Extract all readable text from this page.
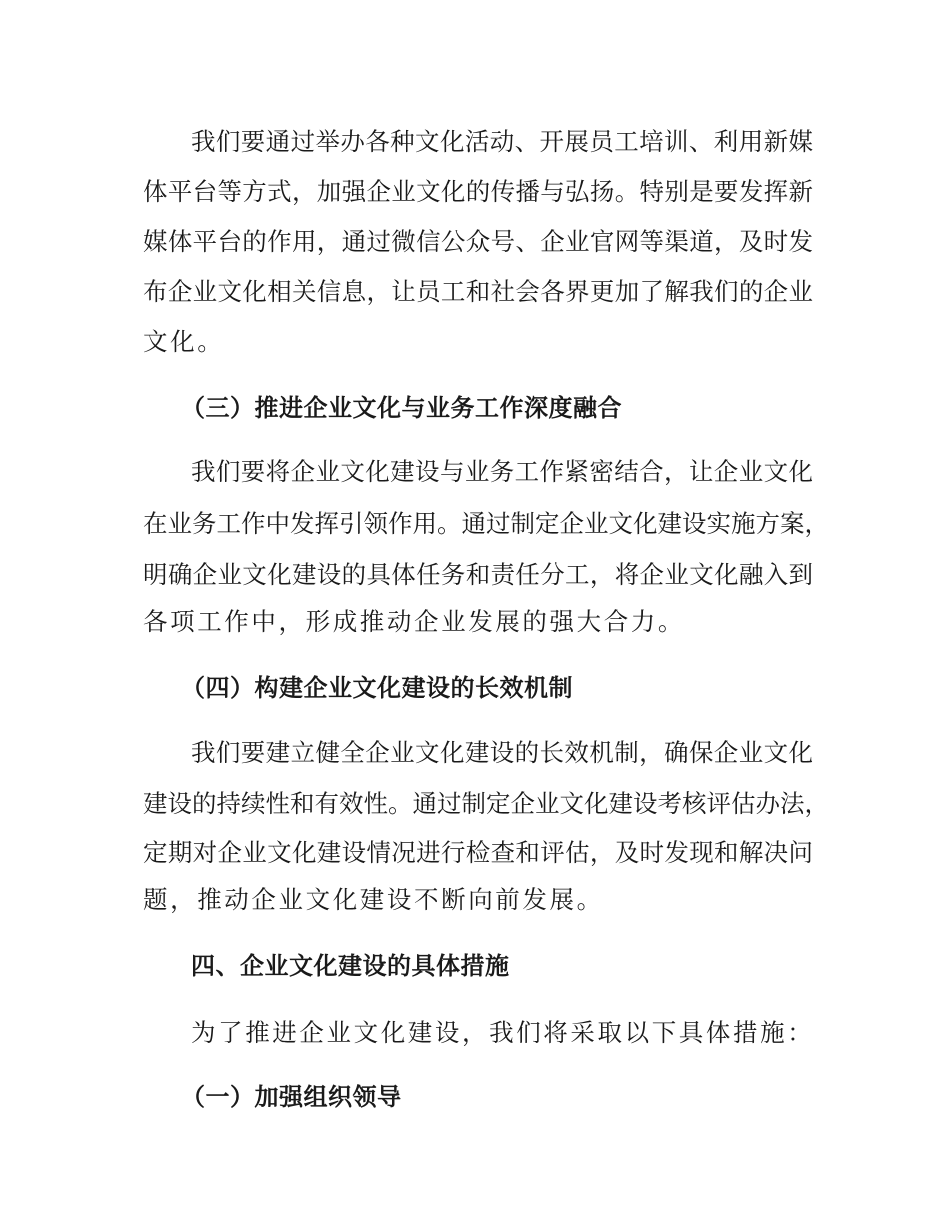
我们要通过举办各种文化活动、开展员工培训、利用新媒
体平台等方式，加强企业文化的传播与弘扬。特别是要发挥新
媒体平台的作用，通过微信公众号、企业官网等渠道，及时发
布企业文化相关信息，让员工和社会各界更加了解我们的企业
文化。
（三）推进企业文化与业务工作深度融合
我们要将企业文化建设与业务工作紧密结合，让企业文化
在业务工作中发挥引领作用。通过制定企业文化建设实施方案，
明确企业文化建设的具体任务和责任分工，将企业文化融入到
各项工作中，形成推动企业发展的强大合力。
（四）构建企业文化建设的长效机制
我们要建立健全企业文化建设的长效机制，确保企业文化
建设的持续性和有效性。通过制定企业文化建设考核评估办法，
定期对企业文化建设情况进行检查和评估，及时发现和解决问
题，推动企业文化建设不断向前发展。
四、企业文化建设的具体措施
为了推进企业文化建设，我们将采取以下具体措施：
（一）加强组织领导
